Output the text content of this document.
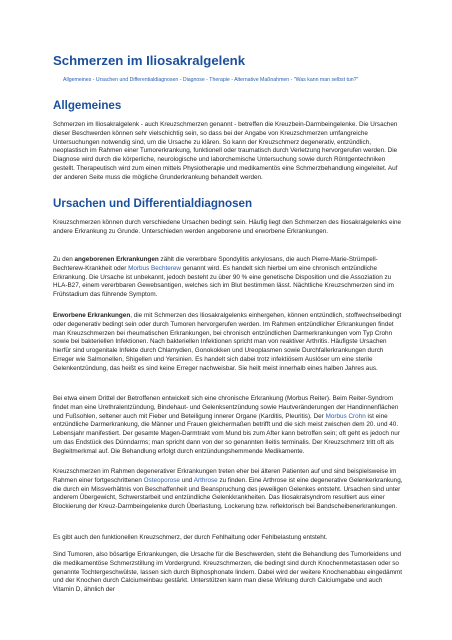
Schmerzen im Iliosakralgelenk
Allgemeines - Ursachen und Differentialdiagnosen - Diagnose - Therapie - Alternative Maßnahmen - "Was kann man selbst tun?"
Allgemeines
Schmerzen im Iliosakralgelenk - auch Kreuzschmerzen genannt - betreffen die Kreuzbein-Darmbeingelenke. Die Ursachen dieser Beschwerden können sehr vielschichtig sein, so dass bei der Angabe von Kreuzschmerzen umfangreiche Untersuchungen notwendig sind, um die Ursache zu klären. So kann der Kreuzschmerz degenerativ, entzündlich, neoplastisch im Rahmen einer Tumorerkrankung, funktionell oder traumatisch durch Verletzung hervorgerufen werden. Die Diagnose wird durch die körperliche, neurologische und laborchemische Untersuchung sowie durch Röntgentechniken gestellt. Therapeutisch wird zum einen mittels Physiotherapie und medikamentös eine Schmerzbehandlung eingeleitet. Auf der anderen Seite muss die mögliche Grunderkrankung behandelt werden.
Ursachen und Differentialdiagnosen
Kreuzschmerzen können durch verschiedene Ursachen bedingt sein. Häufig liegt den Schmerzen des Iliosakralgelenks eine andere Erkrankung zu Grunde. Unterschieden werden angeborene und erworbene Erkrankungen.
Zu den angeborenen Erkrankungen zählt die vererbbare Spondylitis ankylosans, die auch Pierre-Marie-Strümpell-Bechterew-Krankheit oder Morbus Bechterew genannt wird. Es handelt sich hierbei um eine chronisch entzündliche Erkrankung. Die Ursache ist unbekannt, jedoch besteht zu über 90 % eine genetische Disposition und die Assoziation zu HLA-B27, einem vererbbaren Gewebsantigen, welches sich im Blut bestimmen lässt. Nächtliche Kreuzschmerzen sind im Frühstadium das führende Symptom.
Erworbene Erkrankungen, die mit Schmerzen des Iliosakralgelenks einhergehen, können entzündlich, stoffwechselbedingt oder degenerativ bedingt sein oder durch Tumoren hervorgerufen werden. Im Rahmen entzündlicher Erkrankungen findet man Kreuzschmerzen bei rheumatischen Erkrankungen, bei chronisch entzündlichen Darmerkrankungen vom Typ Crohn sowie bei bakteriellen Infektionen. Nach bakteriellen Infektionen spricht man von reaktiver Arthritis. Häufigste Ursachen hierfür sind urogenitale Infekte durch Chlamydien, Gonokokken und Ureoplasmen sowie Durchfallerkrankungen durch Erreger wie Salmonellen, Shigellen und Yersinien. Es handelt sich dabei trotz infektiösem Auslöser um eine sterile Gelenkentzündung, das heißt es sind keine Erreger nachweisbar. Sie heilt meist innerhalb eines halben Jahres aus.
Bei etwa einem Drittel der Betroffenen entwickelt sich eine chronische Erkrankung (Morbus Reiter). Beim Reiter-Syndrom findet man eine Urethralentzündung, Bindehaut- und Gelenksentzündung sowie Hautveränderungen der Handinnenflächen und Fußsohlen, seltener auch mit Fieber und Beteiligung innerer Organe (Karditis, Pleuritis). Der Morbus Crohn ist eine entzündliche Darmerkrankung, die Männer und Frauen gleichermaßen betrifft und die sich meist zwischen dem 20. und 40. Lebensjahr manifestiert. Der gesamte Magen-Darmtrakt vom Mund bis zum After kann betroffen sein; oft geht es jedoch nur um das Endstück des Dünndarms; man spricht dann von der so genannten Ileitis terminalis. Der Kreuzschmerz tritt oft als Begleitmerkmal auf. Die Behandlung erfolgt durch entzündungshemmende Medikamente.
Kreuzschmerzen im Rahmen degenerativer Erkrankungen treten eher bei älteren Patienten auf und sind beispielsweise im Rahmen einer fortgeschrittenen Osteoporose und Arthrose zu finden. Eine Arthrose ist eine degenerative Gelenkerkrankung, die durch ein Missverhältnis von Beschaffenheit und Beanspruchung des jeweiligen Gelenkes entsteht. Ursachen sind unter anderem Übergewicht, Schwerstarbeit und entzündliche Gelenkkrankheiten. Das Iliosakralsyndrom resultiert aus einer Blockierung der Kreuz-Darmbeingelenke durch Überlastung, Lockerung bzw. reflektorisch bei Bandscheibenerkrankungen.
Es gibt auch den funktionellen Kreuzschmerz, der durch Fehlhaltung oder Fehlbelastung entsteht.
Sind Tumoren, also bösartige Erkrankungen, die Ursache für die Beschwerden, steht die Behandlung des Tumorleidens und die medikamentöse Schmerzstillung im Vordergrund. Kreuzschmerzen, die bedingt sind durch Knochenmetastasen oder so genannte Tochtergeschwülste, lassen sich durch Biphosphonate lindern. Dabei wird der weitere Knochenabbau eingedämmt und der Knochen durch Calciumeinbau gestärkt. Unterstützen kann man diese Wirkung durch Calciumgabe und auch Vitamin D, ähnlich der
